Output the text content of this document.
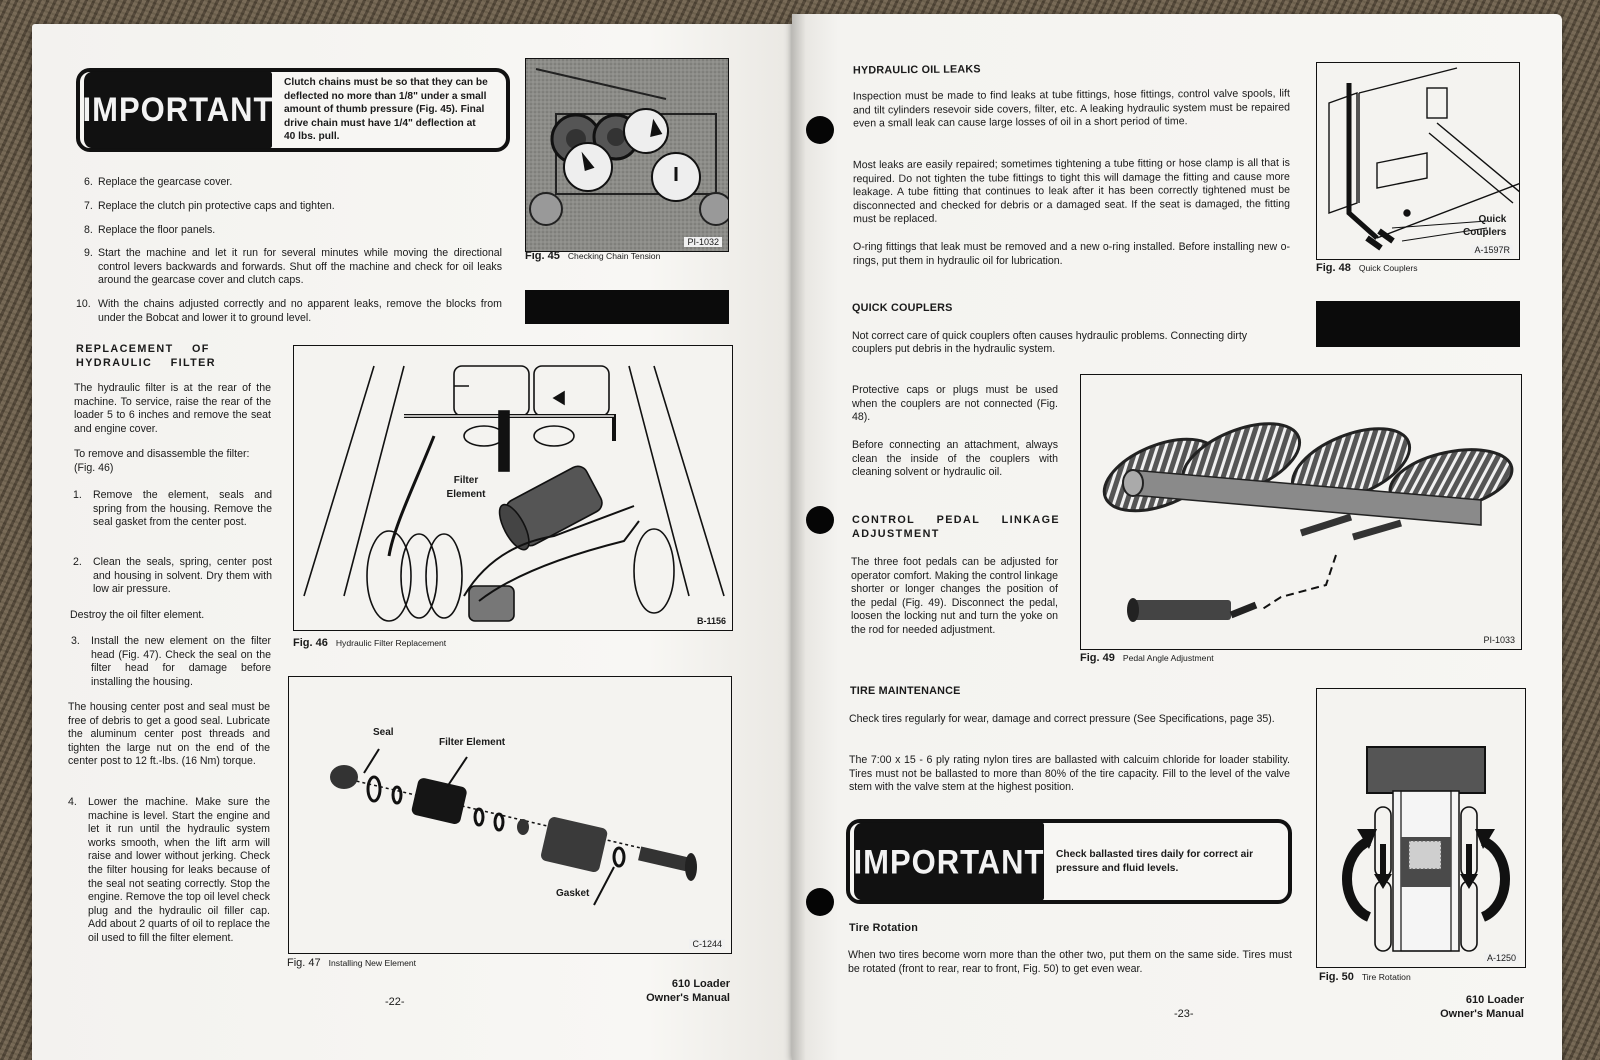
IMPORTANT
Clutch chains must be so that they can be deflected no more than 1/8" under a small amount of thumb pressure (Fig. 45). Final drive chain must have 1/4" deflection at 40 lbs. pull.
6. Replace the gearcase cover.
7. Replace the clutch pin protective caps and tighten.
8. Replace the floor panels.
9. Start the machine and let it run for several minutes while moving the directional control levers backwards and forwards. Shut off the machine and check for oil leaks around the gearcase cover and clutch caps.
10. With the chains adjusted correctly and no apparent leaks, remove the blocks from under the Bobcat and lower it to ground level.
PI-1032
Fig. 45 Checking Chain Tension
REPLACEMENT OF HYDRAULIC FILTER
The hydraulic filter is at the rear of the machine. To service, raise the rear of the loader 5 to 6 inches and remove the seat and engine cover.
To remove and disassemble the filter: (Fig. 46)
1.	Remove the element, seals and spring from the housing. Remove the seal gasket from the center post.
2.	Clean the seals, spring, center post and housing in solvent. Dry them with low air pressure.
Destroy the oil filter element.
3.	Install the new element on the filter head (Fig. 47). Check the seal on the filter head for damage before installing the housing.
The housing center post and seal must be free of debris to get a good seal. Lubricate the aluminum center post threads and tighten the large nut on the end of the center post to 12 ft.-lbs. (16 Nm) torque.
4.	Lower the machine. Make sure the machine is level. Start the engine and let it run until the hydraulic system works smooth, when the lift arm will raise and lower without jerking. Check the filter housing for leaks because of the seal not seating correctly. Stop the engine. Remove the top oil level check plug and the hydraulic oil filler cap. Add about 2 quarts of oil to replace the oil used to fill the filter element.
Filter Element
B-1156
Fig. 46 Hydraulic Filter Replacement
Seal
Filter Element
Gasket
C-1244
Fig. 47 Installing New Element
-22-
610 Loader
Owner's Manual
HYDRAULIC OIL LEAKS
Inspection must be made to find leaks at tube fittings, hose fittings, control valve spools, lift and tilt cylinders resevoir side covers, filter, etc. A leaking hydraulic system must be repaired even a small leak can cause large losses of oil in a short period of time.
Most leaks are easily repaired; sometimes tightening a tube fitting or hose clamp is all that is required. Do not tighten the tube fittings to tight this will damage the fitting and cause more leakage. A tube fitting that continues to leak after it has been correctly tightened must be disconnected and checked for debris or a damaged seat. If the seat is damaged, the fitting must be replaced.
O-ring fittings that leak must be removed and a new o-ring installed. Before installing new o-rings, put them in hydraulic oil for lubrication.
Quick
Couplers
A-1597R
Fig. 48 Quick Couplers
QUICK COUPLERS
Not correct care of quick couplers often causes hydraulic problems. Connecting dirty
couplers put debris in the hydraulic system.
Protective caps or plugs must be used when the couplers are not connected (Fig. 48).
Before connecting an attachment, always clean the inside of the couplers with cleaning solvent or hydraulic oil.
PI-1033
Fig. 49 Pedal Angle Adjustment
CONTROL PEDAL LINKAGE ADJUSTMENT
The three foot pedals can be adjusted for operator comfort. Making the control linkage shorter or longer changes the position of the pedal (Fig. 49). Disconnect the pedal, loosen the locking nut and turn the yoke on the rod for needed adjustment.
TIRE MAINTENANCE
Check tires regularly for wear, damage and correct pressure (See Specifications, page 35).
The 7:00 x 15 - 6 ply rating nylon tires are ballasted with calcuim chloride for loader stability. Tires must not be ballasted to more than 80% of the tire capacity. Fill to the level of the valve stem with the valve stem at the highest position.
IMPORTANT	Check ballasted tires daily for correct air pressure and fluid levels.
Tire Rotation
When two tires become worn more than the other two, put them on the same side. Tires must be rotated (front to rear, rear to front, Fig. 50) to get even wear.
A-1250
Fig. 50 Tire Rotation
-23-
610 Loader
Owner's Manual
